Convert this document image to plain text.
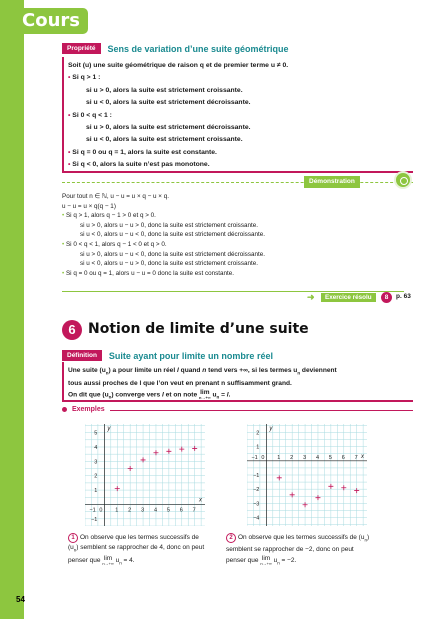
Cours
Propriété Sens de variation d’une suite géométrique
Soit (u) une suite géométrique de raison q et de premier terme u ≠ 0.
• Si q > 1 :
si u > 0, alors la suite est strictement croissante.
si u < 0, alors la suite est strictement décroissante.
• Si 0 < q < 1 :
si u > 0, alors la suite est strictement décroissante.
si u < 0, alors la suite est strictement croissante.
• Si q = 0 ou q = 1, alors la suite est constante.
• Si q < 0, alors la suite n’est pas monotone.
Démonstration
Pour tout n ∈ ℕ, u − u = u × q − u × q.
u − u = u × q(q − 1)
• Si q > 1, alors q − 1 > 0 et q > 0.
si u > 0, alors u − u > 0, donc la suite est strictement croissante.
si u < 0, alors u − u < 0, donc la suite est strictement décroissante.
• Si 0 < q < 1, alors q − 1 < 0 et q > 0.
si u > 0, alors u − u < 0, donc la suite est strictement décroissante.
si u < 0, alors u − u > 0, donc la suite est strictement croissante.
• Si q = 0 ou q = 1, alors u − u = 0 donc la suite est constante.
➜	Exercice résolu	8	p. 63
6 Notion de limite d’une suite
Définition Suite ayant pour limite un nombre réel
Une suite $(u_n)$ a pour limite un réel l quand n tend vers +∞, si les termes $u_n$ deviennent
tous aussi proches de l que l’on veut en prenant n suffisamment grand.
On dit que $(u_n)$ converge vers l et on note lim
n→+∞ $u_n = l$.
Exemples
x
y
−1 0 1 2 3 4 5 6 7
−1
1
2
3
4
5
x
y
−1 0 1 2 3 4 5 6 7
2
1
−1
−2
−3
−4
1 On observe que les termes successifs de
$(u_n)$ semblent se rapprocher de 4, donc on peut
penser que lim
n→+∞ $u_n = 4$.
2 On observe que les termes successifs de $(u_n)$
semblent se rapprocher de −2, donc on peut
penser que lim
n→+∞ $u_n = -2$.
54
